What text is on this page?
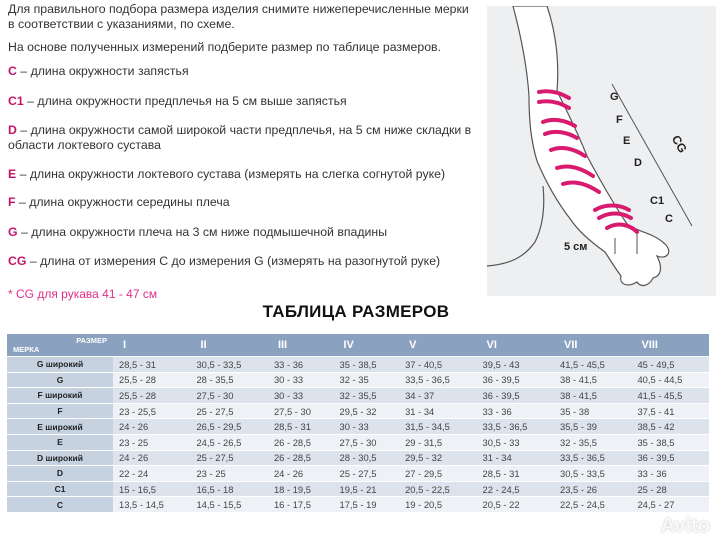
Для правильного подбора размера изделия снимите нижеперечисленные мерки в соответствии с указаниями, по схеме.

На основе полученных измерений подберите размер по таблице размеров.

C – длина окружности запястья
C1 – длина окружности предплечья на 5 см выше запястья
D – длина окружности самой широкой части предплечья, на 5 см ниже складки в области локтевого сустава
E – длина окружности локтевого сустава (измерять на слегка согнутой руке)
F – длина окружности середины плеча
G – длина окружности плеча на 3 см ниже подмышечной впадины
CG – длина от измерения С до измерения G (измерять на разогнутой руке)
* CG для рукава 41 - 47 см
G
F
E
D
C1
C
CG
5 см
ТАБЛИЦА РАЗМЕРОВ
РАЗМЕР
МЕРКА	I	II	III	IV	V	VI	VII	VIII
G широкий	28,5 - 31	30,5 - 33,5	33 - 36	35 - 38,5	37 - 40,5	39,5 - 43	41,5 - 45,5	45 - 49,5
G	25,5 - 28	28 - 35,5	30 - 33	32 - 35	33,5 - 36,5	36 - 39,5	38 - 41,5	40,5 - 44,5
F широкий	25,5 - 28	27,5 - 30	30 - 33	32 - 35,5	34 - 37	36 - 39,5	38 - 41,5	41,5 - 45,5
F	23 - 25,5	25 - 27,5	27,5 - 30	29,5 - 32	31 - 34	33 - 36	35 - 38	37,5 - 41
E широкий	24 - 26	26,5 - 29,5	28,5 - 31	30 - 33	31,5 - 34,5	33,5 - 36,5	35,5 - 39	38,5 - 42
E	23 - 25	24,5 - 26,5	26 - 28,5	27,5 - 30	29 - 31,5	30,5 - 33	32 - 35,5	35 - 38,5
D широкий	24 - 26	25 - 27,5	26 - 28,5	28 - 30,5	29,5 - 32	31 - 34	33,5 - 36,5	36 - 39,5
D	22 - 24	23 - 25	24 - 26	25 - 27,5	27 - 29,5	28,5 - 31	30,5 - 33,5	33 - 36
C1	15 - 16,5	16,5 - 18	18 - 19,5	19,5 - 21	20,5 - 22,5	22 - 24,5	23,5 - 26	25 - 28
C	13,5 - 14,5	14,5 - 15,5	16 - 17,5	17,5 - 19	19 - 20,5	20,5 - 22	22,5 - 24,5	24,5 - 27
Avito
